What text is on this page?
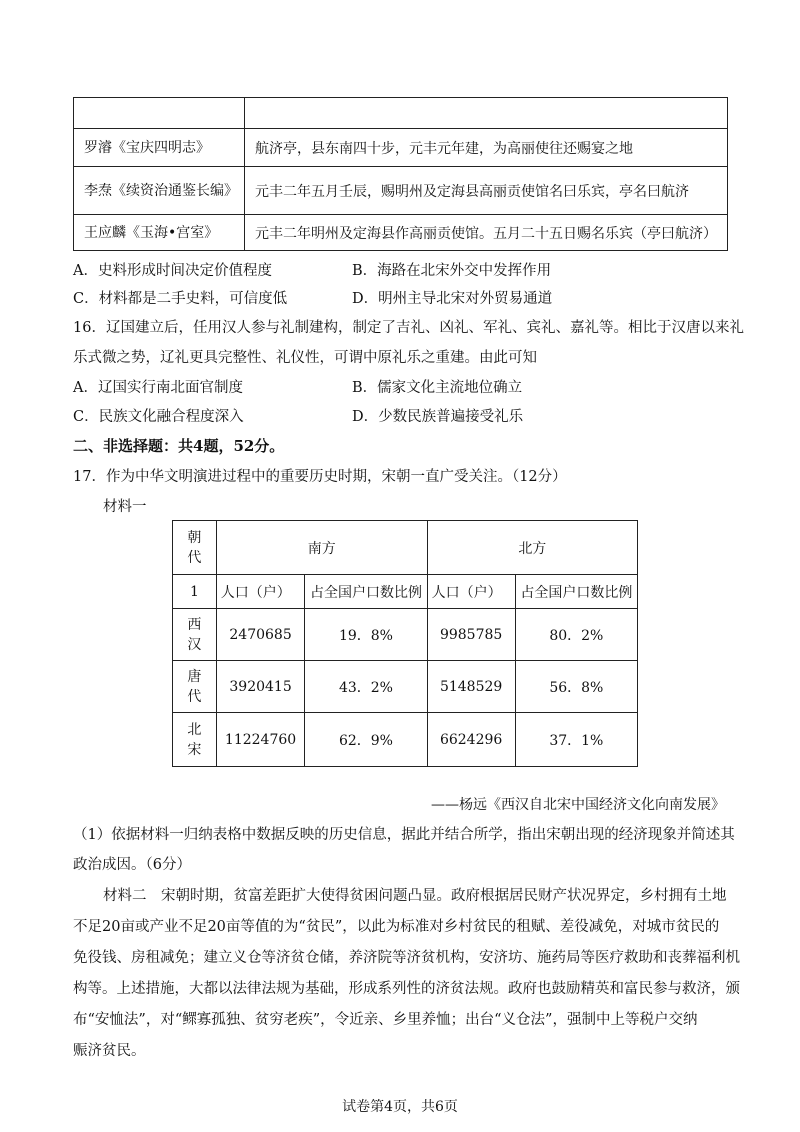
罗濬《宝庆四明志》	航济亭，县东南四十步，元丰元年建，为高丽使往还赐宴之地
李焘《续资治通鉴长编》	元丰二年五月壬辰，赐明州及定海县高丽贡使馆名曰乐宾，亭名曰航济
王应麟《玉海•宫室》	元丰二年明州及定海县作高丽贡使馆。五月二十五日赐名乐宾（亭曰航济）
A．史料形成时间决定价值程度	B．海路在北宋外交中发挥作用
C．材料都是二手史料，可信度低	D．明州主导北宋对外贸易通道
16．辽国建立后，任用汉人参与礼制建构，制定了吉礼、凶礼、军礼、宾礼、嘉礼等。相比于汉唐以来礼
乐式微之势，辽礼更具完整性、礼仪性，可谓中原礼乐之重建。由此可知
A．辽国实行南北面官制度	B．儒家文化主流地位确立
C．民族文化融合程度深入	D．少数民族普遍接受礼乐
二、非选择题：共4题，52分。
17．作为中华文明演进过程中的重要历史时期，宋朝一直广受关注。（12分）
材料一
朝代	南方		北方	
1	人口（户）	占全国户口数比例	人口（户）	占全国户口数比例
西汉	2470685	19．8%	9985785	80．2%
唐代	3920415	43．2%	5148529	56．8%
北宋	11224760	62．9%	6624296	37．1%
——杨远《西汉自北宋中国经济文化向南发展》
（1）依据材料一归纳表格中数据反映的历史信息，据此并结合所学，指出宋朝出现的经济现象并简述其
政治成因。（6分）
材料二　宋朝时期，贫富差距扩大使得贫困问题凸显。政府根据居民财产状况界定，乡村拥有土地
不足20亩或产业不足20亩等值的为“贫民”，以此为标准对乡村贫民的租赋、差役减免，对城市贫民的
免役钱、房租减免；建立义仓等济贫仓储，养济院等济贫机构，安济坊、施药局等医疗救助和丧葬福利机
构等。上述措施，大都以法律法规为基础，形成系列性的济贫法规。政府也鼓励精英和富民参与救济，颁
布“安恤法”，对“鳏寡孤独、贫穷老疾”，令近亲、乡里养恤；出台“义仓法”，强制中上等税户交纳
赈济贫民。
试卷第4页，共6页
